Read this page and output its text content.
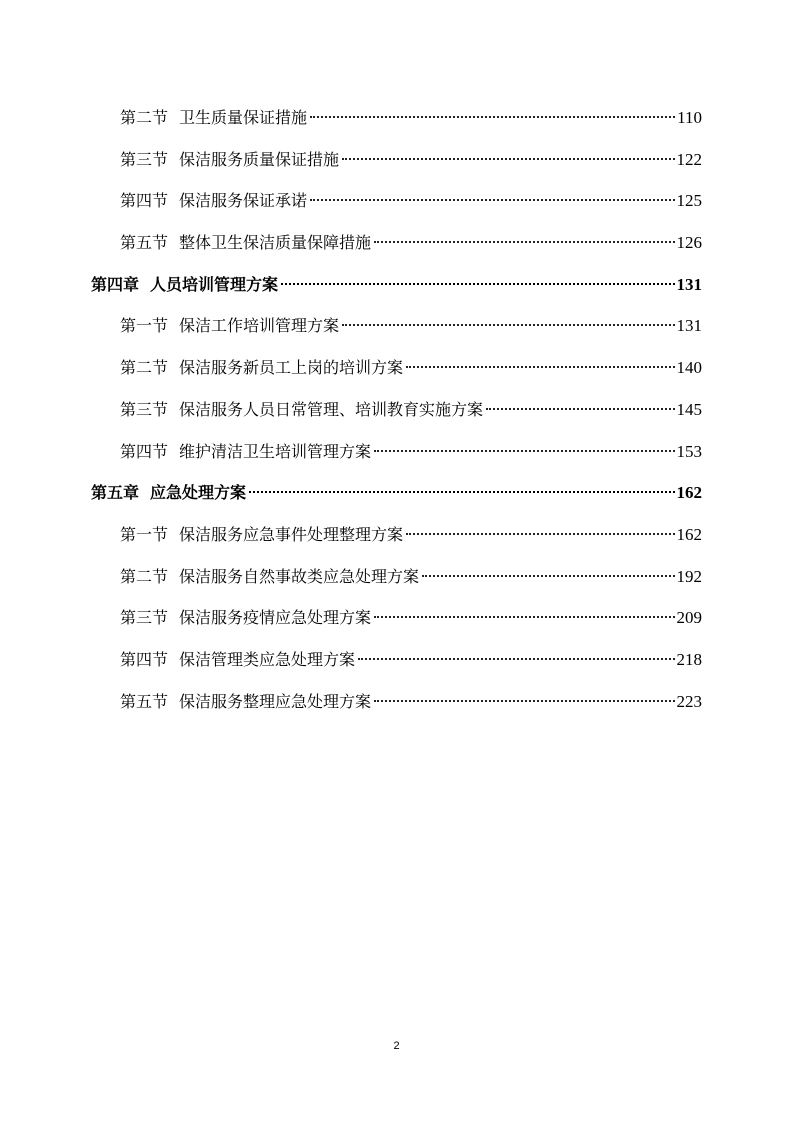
第二节 卫生质量保证措施	110
第三节 保洁服务质量保证措施	122
第四节 保洁服务保证承诺	125
第五节 整体卫生保洁质量保障措施	126
第四章 人员培训管理方案	131
第一节 保洁工作培训管理方案	131
第二节 保洁服务新员工上岗的培训方案	140
第三节 保洁服务人员日常管理、培训教育实施方案	145
第四节 维护清洁卫生培训管理方案	153
第五章 应急处理方案	162
第一节 保洁服务应急事件处理整理方案	162
第二节 保洁服务自然事故类应急处理方案	192
第三节 保洁服务疫情应急处理方案	209
第四节 保洁管理类应急处理方案	218
第五节 保洁服务整理应急处理方案	223
2
